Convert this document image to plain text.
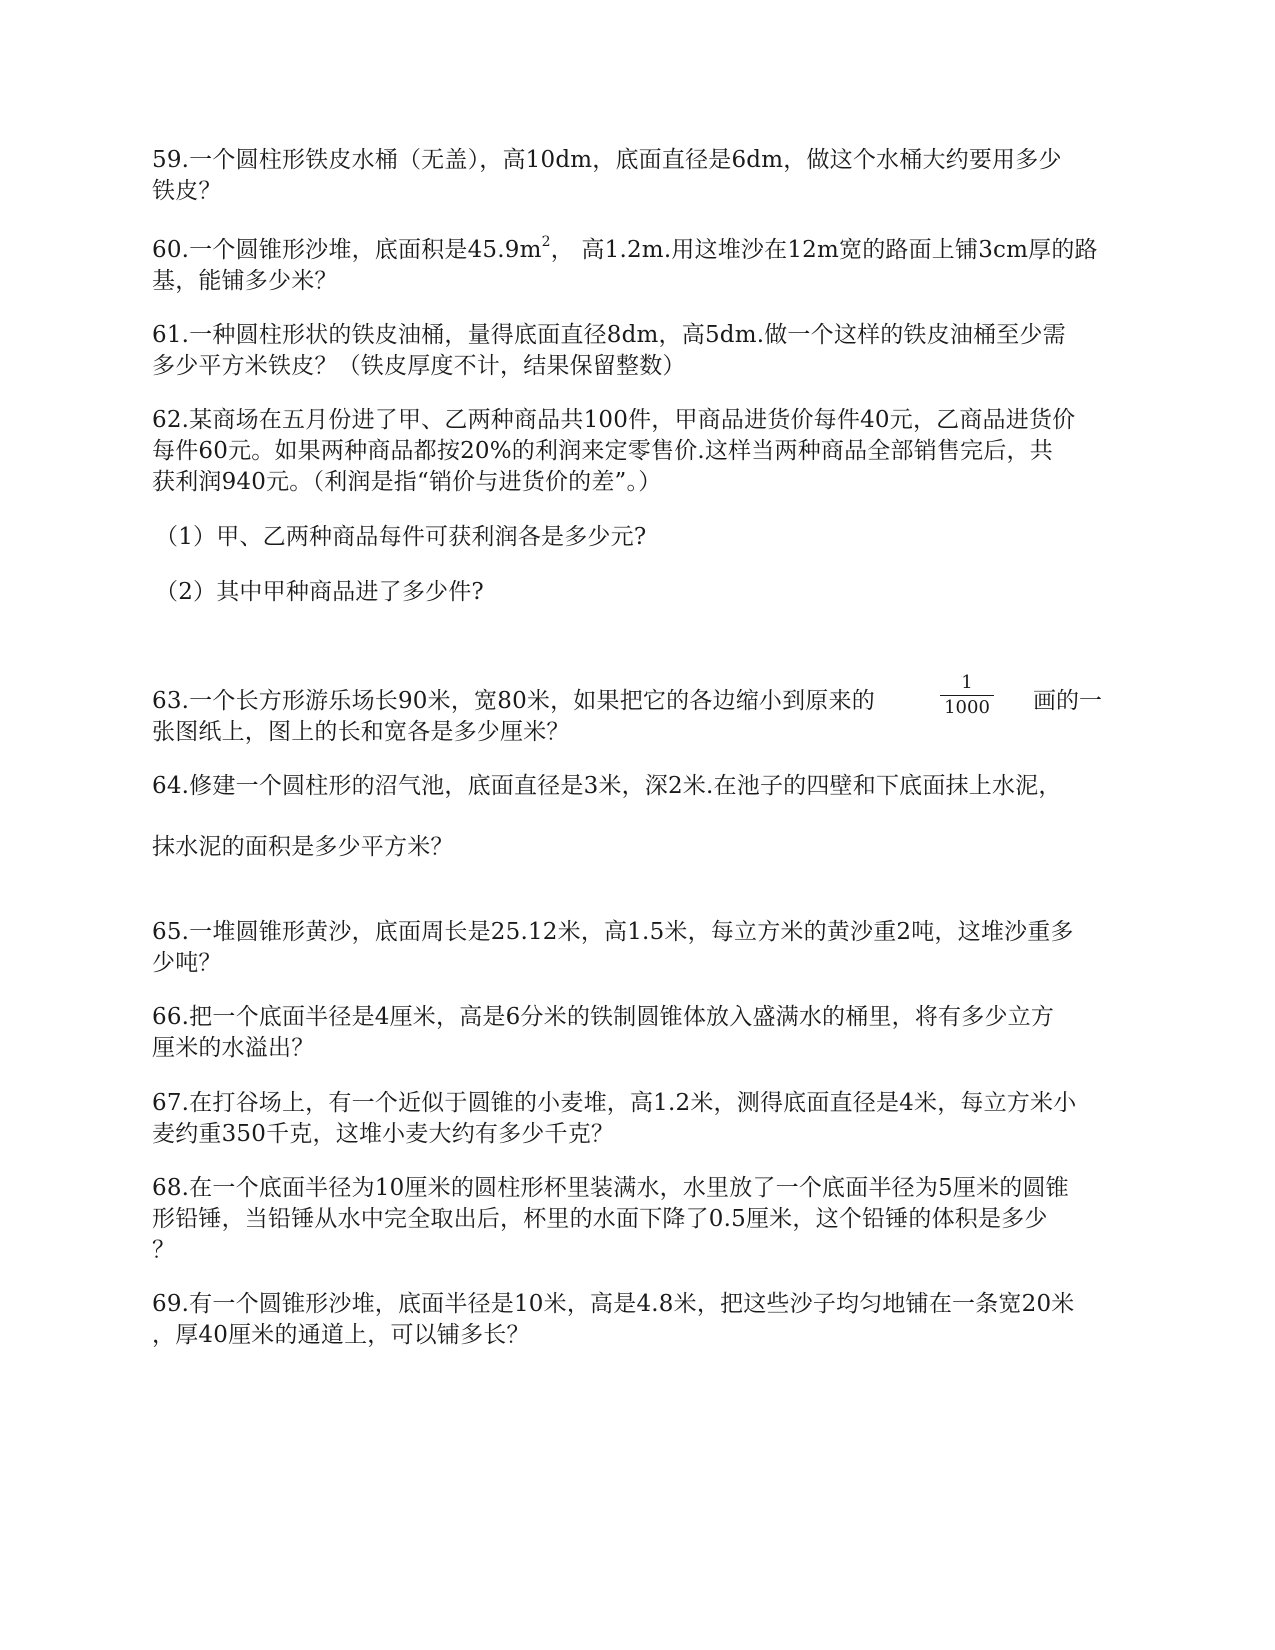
59.一个圆柱形铁皮水桶（无盖），高10dm，底面直径是6dm，做这个水桶大约要用多少
铁皮？
60.一个圆锥形沙堆，底面积是$45.9m^2$， 高1.2m.用这堆沙在12m宽的路面上铺3cm厚的路
基，能铺多少米？
61.一种圆柱形状的铁皮油桶，量得底面直径8dm，高5dm.做一个这样的铁皮油桶至少需
多少平方米铁皮？（铁皮厚度不计，结果保留整数）
62.某商场在五月份进了甲、乙两种商品共100件，甲商品进货价每件40元，乙商品进货价
每件60元。如果两种商品都按20%的利润来定零售价.这样当两种商品全部销售完后，共
获利润940元。（利润是指“销价与进货价的差”。）
（1）甲、乙两种商品每件可获利润各是多少元?
（2）其中甲种商品进了多少件?
63.一个长方形游乐场长90米，宽80米，如果把它的各边缩小到原来的
1
1000 画的一
张图纸上，图上的长和宽各是多少厘米？
64.修建一个圆柱形的沼气池，底面直径是3米，深2米.在池子的四壁和下底面抹上水泥，
抹水泥的面积是多少平方米？
65.一堆圆锥形黄沙，底面周长是25.12米，高1.5米，每立方米的黄沙重2吨，这堆沙重多
少吨？
66.把一个底面半径是4厘米，高是6分米的铁制圆锥体放入盛满水的桶里，将有多少立方
厘米的水溢出？
67.在打谷场上，有一个近似于圆锥的小麦堆，高1.2米，测得底面直径是4米，每立方米小
麦约重350千克，这堆小麦大约有多少千克？
68.在一个底面半径为10厘米的圆柱形杯里装满水，水里放了一个底面半径为5厘米的圆锥
形铅锤，当铅锤从水中完全取出后，杯里的水面下降了0.5厘米，这个铅锤的体积是多少
？
69.有一个圆锥形沙堆，底面半径是10米，高是4.8米，把这些沙子均匀地铺在一条宽20米
，厚40厘米的通道上，可以铺多长？
